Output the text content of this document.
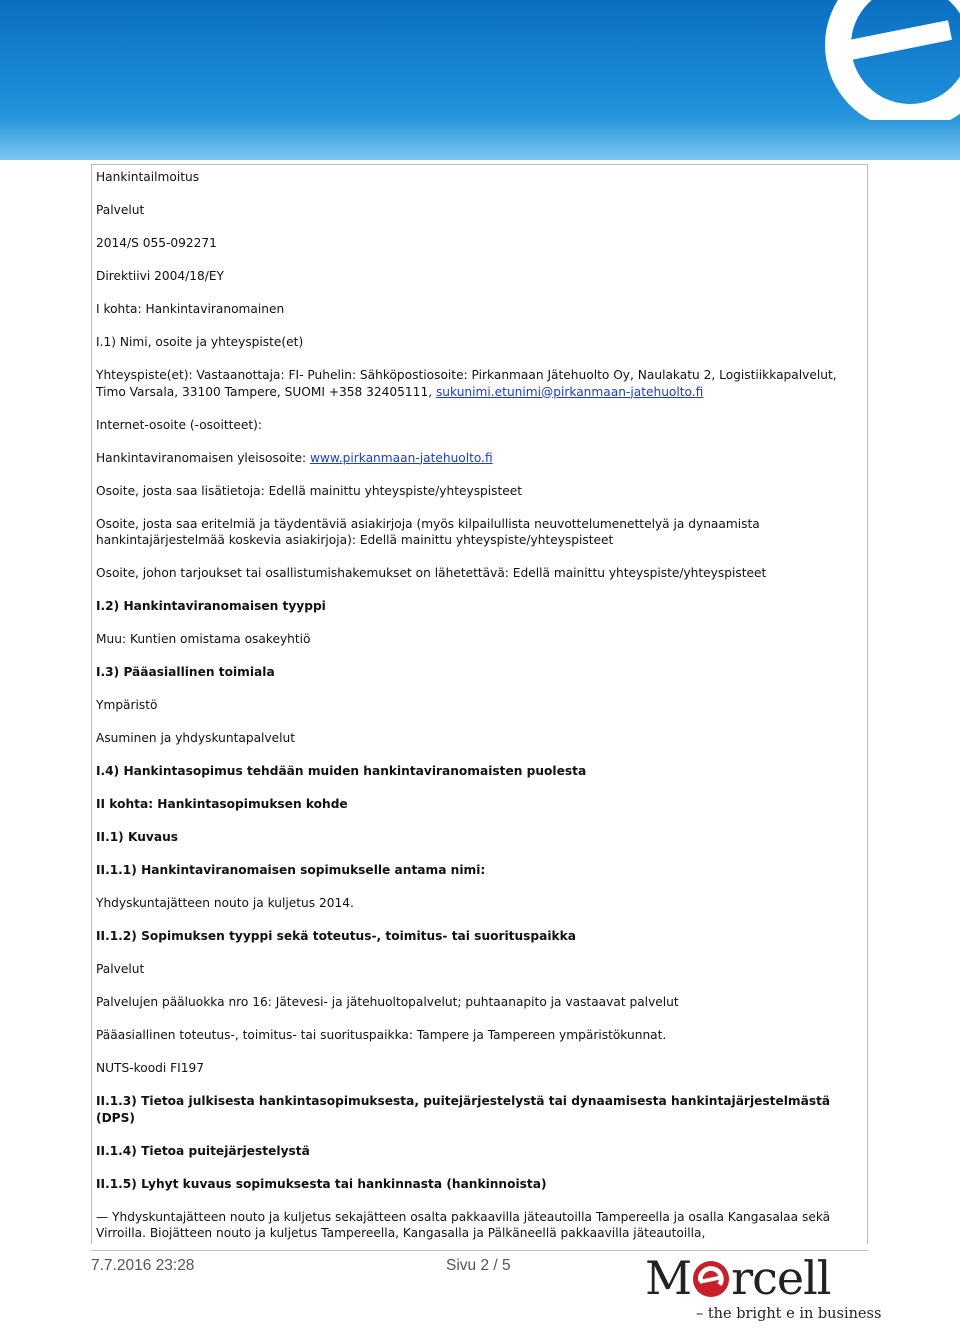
Hankintailmoitus
Palvelut
2014/S 055-092271
Direktiivi 2004/18/EY
I kohta: Hankintaviranomainen
I.1) Nimi, osoite ja yhteyspiste(et)
Yhteyspiste(et): Vastaanottaja: FI- Puhelin: Sähköpostiosoite: Pirkanmaan Jätehuolto Oy, Naulakatu 2, Logistiikkapalvelut, Timo Varsala, 33100 Tampere, SUOMI +358 32405111, sukunimi.etunimi@pirkanmaan-jatehuolto.fi
Internet-osoite (-osoitteet):
Hankintaviranomaisen yleisosoite: www.pirkanmaan-jatehuolto.fi
Osoite, josta saa lisätietoja: Edellä mainittu yhteyspiste/yhteyspisteet
Osoite, josta saa eritelmiä ja täydentäviä asiakirjoja (myös kilpailullista neuvottelumenettelyä ja dynaamista hankintajärjestelmää koskevia asiakirjoja): Edellä mainittu yhteyspiste/yhteyspisteet
Osoite, johon tarjoukset tai osallistumishakemukset on lähetettävä: Edellä mainittu yhteyspiste/yhteyspisteet
I.2) Hankintaviranomaisen tyyppi
Muu: Kuntien omistama osakeyhtiö
I.3) Pääasiallinen toimiala
Ympäristö
Asuminen ja yhdyskuntapalvelut
I.4) Hankintasopimus tehdään muiden hankintaviranomaisten puolesta
II kohta: Hankintasopimuksen kohde
II.1) Kuvaus
II.1.1) Hankintaviranomaisen sopimukselle antama nimi:
Yhdyskuntajätteen nouto ja kuljetus 2014.
II.1.2) Sopimuksen tyyppi sekä toteutus-, toimitus- tai suorituspaikka
Palvelut
Palvelujen pääluokka nro 16: Jätevesi- ja jätehuoltopalvelut; puhtaanapito ja vastaavat palvelut
Pääasiallinen toteutus-, toimitus- tai suorituspaikka: Tampere ja Tampereen ympäristökunnat.
NUTS-koodi FI197
II.1.3) Tietoa julkisesta hankintasopimuksesta, puitejärjestelystä tai dynaamisesta hankintajärjestelmästä (DPS)
II.1.4) Tietoa puitejärjestelystä
II.1.5) Lyhyt kuvaus sopimuksesta tai hankinnasta (hankinnoista)
— Yhdyskuntajätteen nouto ja kuljetus sekajätteen osalta pakkaavilla jäteautoilla Tampereella ja osalla Kangasalaa sekä Virroilla. Biojätteen nouto ja kuljetus Tampereella, Kangasalla ja Pälkäneellä pakkaavilla jäteautoilla,
7.7.2016 23:28	Sivu 2 / 5	M rcell
– the bright e in business
